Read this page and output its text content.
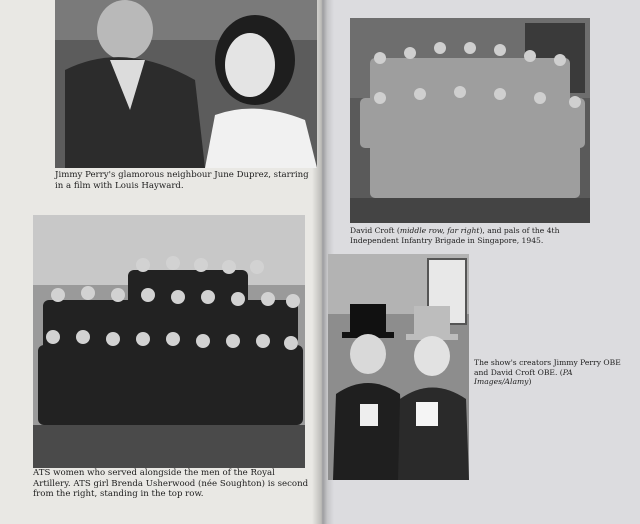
Jimmy Perry's glamorous neighbour June Duprez, starring in a film with Louis Hayward.
ATS women who served alongside the men of the Royal Artillery. ATS girl Brenda Usherwood (née Soughton) is second from the right, standing in the top row.
David Croft (middle row, far right), and pals of the 4th Independent Infantry Brigade in Singapore, 1945.
The show's creators Jimmy Perry OBE and David Croft OBE. (PA Images/Alamy)
